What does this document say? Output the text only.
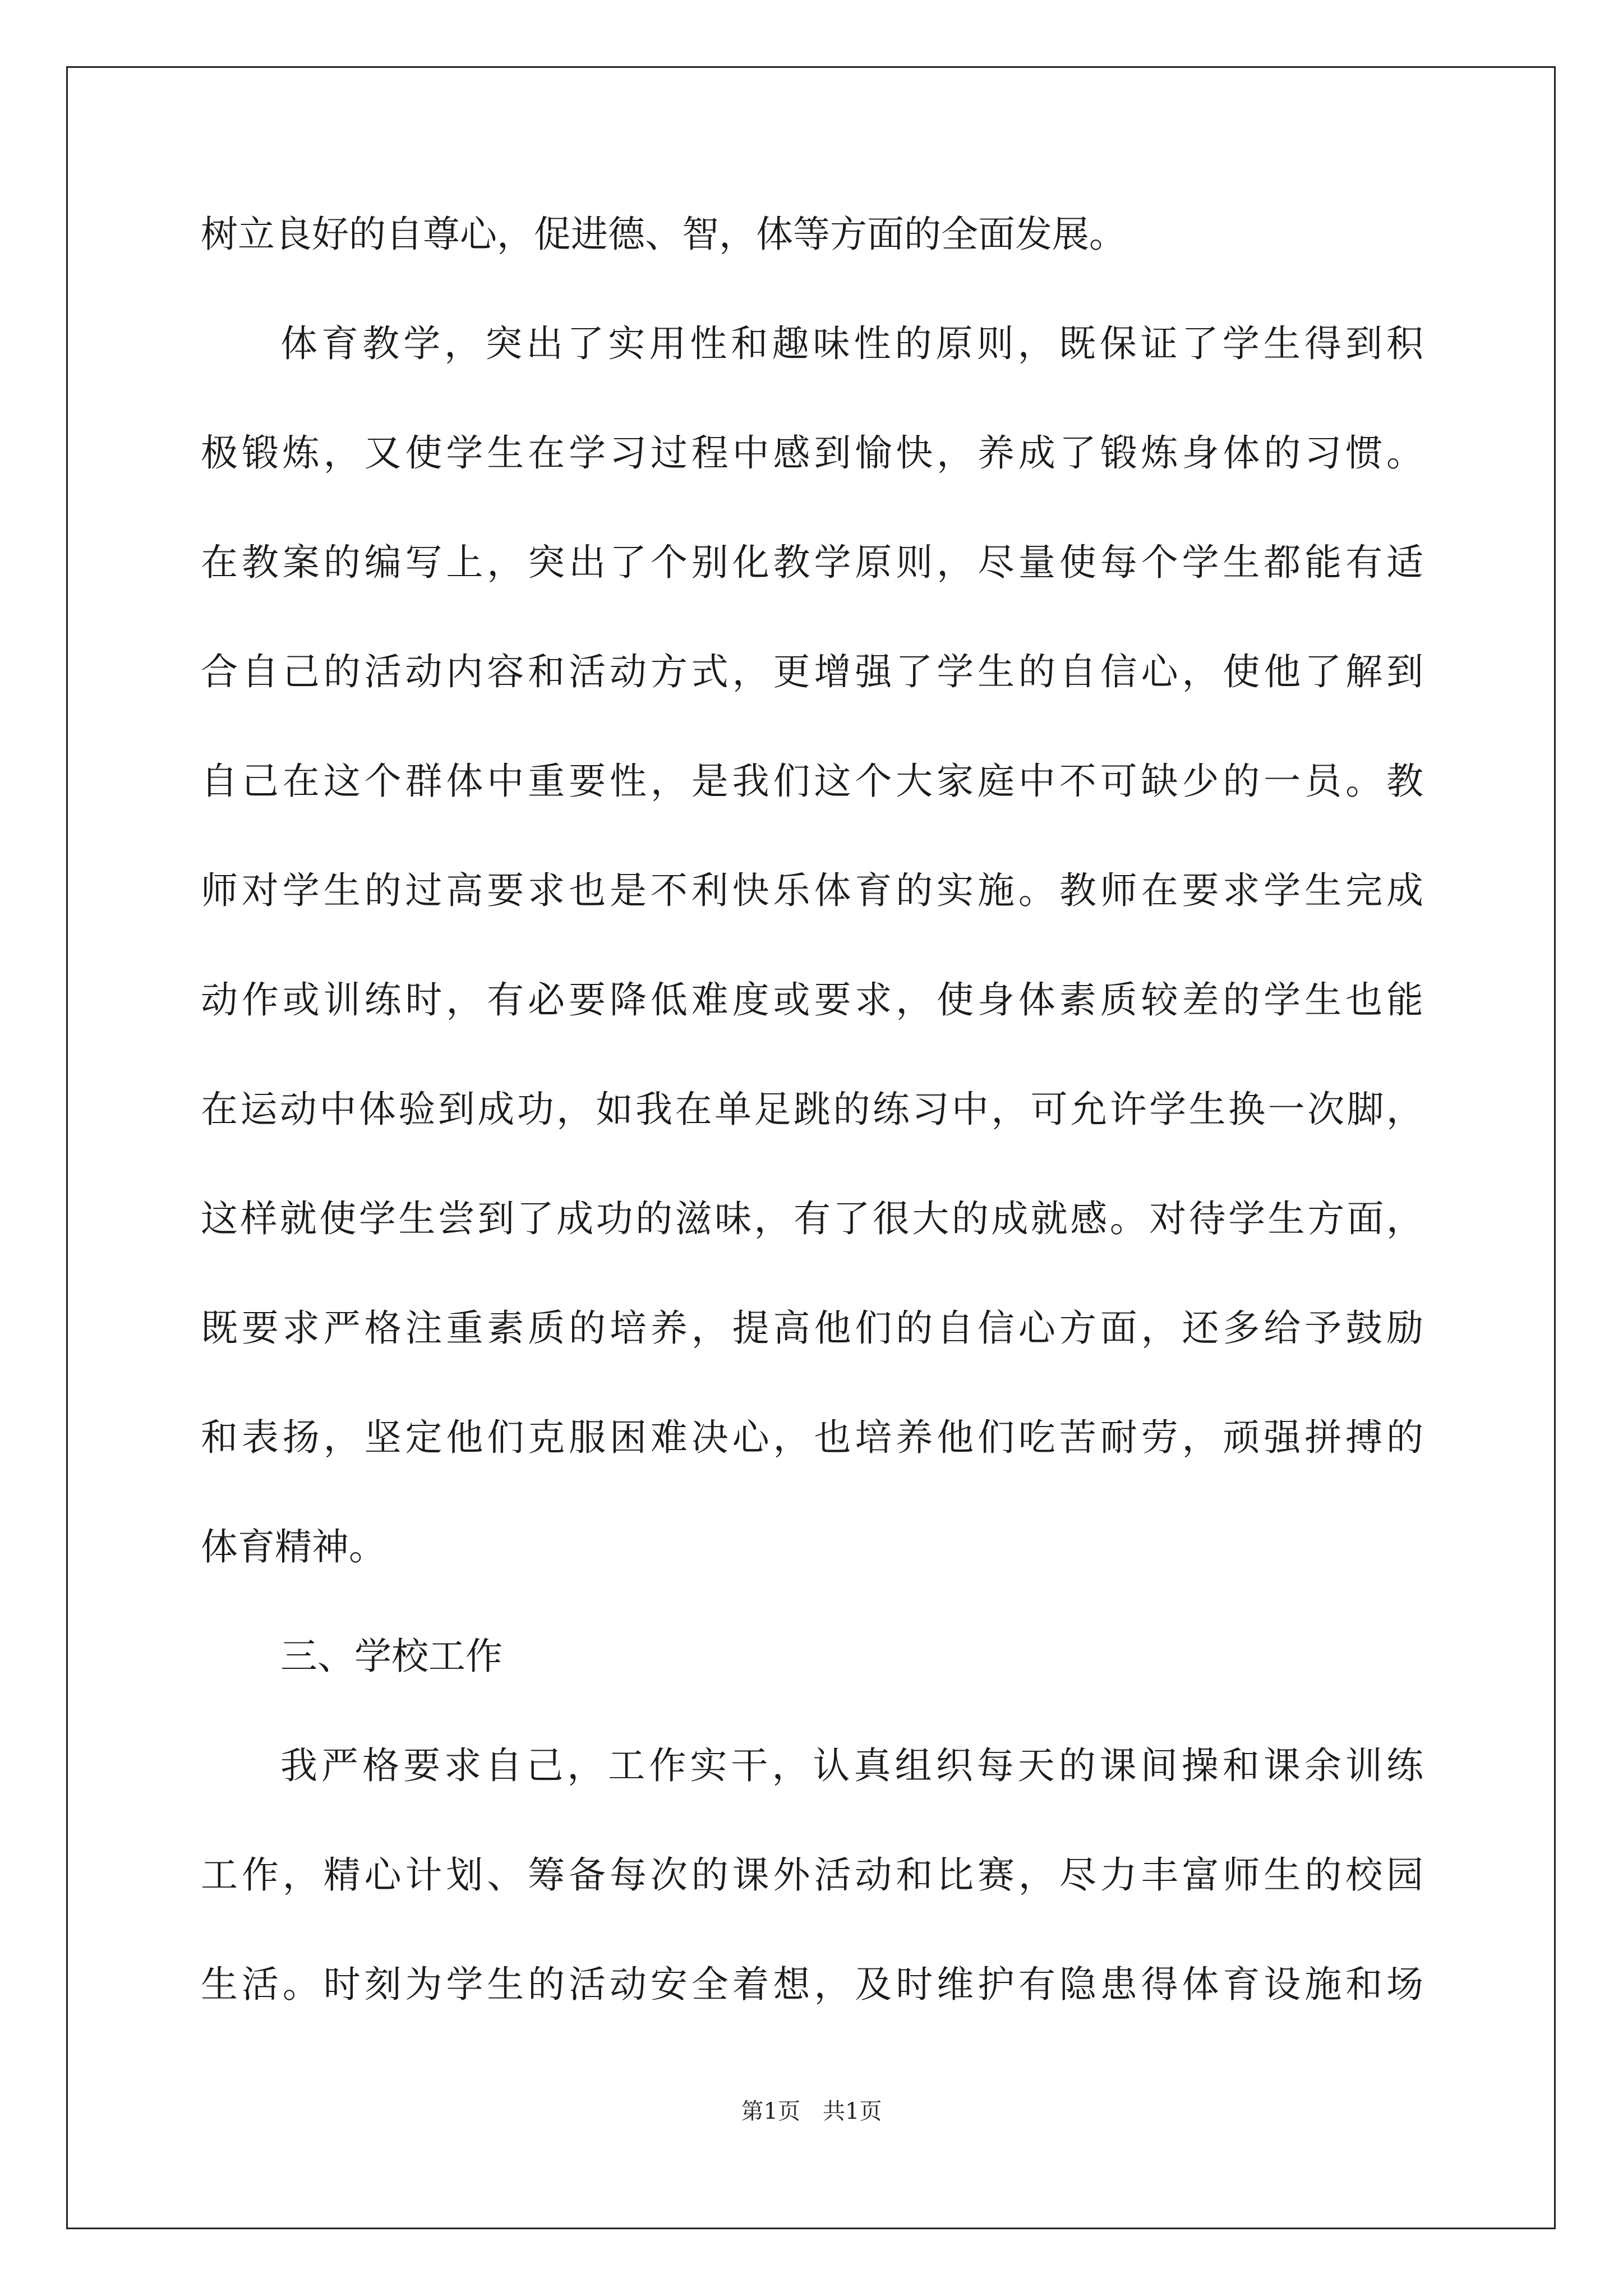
树立良好的自尊心，促进德、智，体等方面的全面发展。
体育教学，突出了实用性和趣味性的原则，既保证了学生得到积
极锻炼，又使学生在学习过程中感到愉快，养成了锻炼身体的习惯。
在教案的编写上，突出了个别化教学原则，尽量使每个学生都能有适
合自己的活动内容和活动方式，更增强了学生的自信心，使他了解到
自己在这个群体中重要性，是我们这个大家庭中不可缺少的一员。教
师对学生的过高要求也是不利快乐体育的实施。教师在要求学生完成
动作或训练时，有必要降低难度或要求，使身体素质较差的学生也能
在运动中体验到成功，如我在单足跳的练习中，可允许学生换一次脚，
这样就使学生尝到了成功的滋味，有了很大的成就感。对待学生方面，
既要求严格注重素质的培养，提高他们的自信心方面，还多给予鼓励
和表扬，坚定他们克服困难决心，也培养他们吃苦耐劳，顽强拼搏的
体育精神。
三、学校工作
我严格要求自己，工作实干，认真组织每天的课间操和课余训练
工作，精心计划、筹备每次的课外活动和比赛，尽力丰富师生的校园
生活。时刻为学生的活动安全着想，及时维护有隐患得体育设施和场
第1页　共1页
